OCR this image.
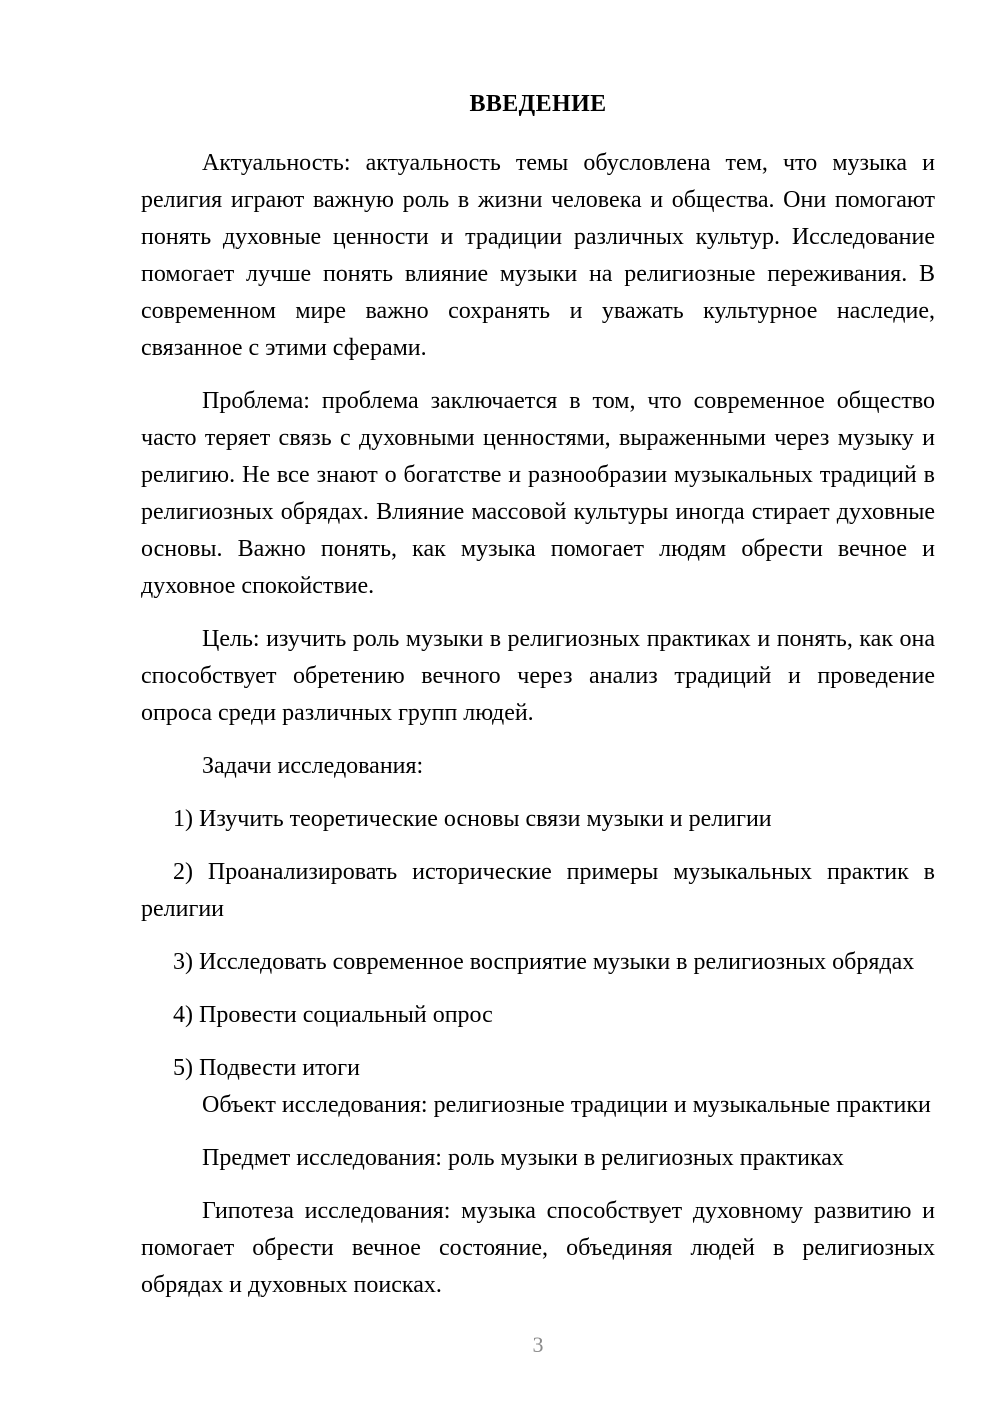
ВВЕДЕНИЕ

Актуальность: актуальность темы обусловлена тем, что музыка и религия играют важную роль в жизни человека и общества. Они помогают понять духовные ценности и традиции различных культур. Исследование помогает лучше понять влияние музыки на религиозные переживания. В современном мире важно сохранять и уважать культурное наследие, связанное с этими сферами.

Проблема: проблема заключается в том, что современное общество часто теряет связь с духовными ценностями, выраженными через музыку и религию. Не все знают о богатстве и разнообразии музыкальных традиций в религиозных обрядах. Влияние массовой культуры иногда стирает духовные основы. Важно понять, как музыка помогает людям обрести вечное и духовное спокойствие.

Цель: изучить роль музыки в религиозных практиках и понять, как она способствует обретению вечного через анализ традиций и проведение опроса среди различных групп людей.

Задачи исследования:

1) Изучить теоретические основы связи музыки и религии

2) Проанализировать исторические примеры музыкальных практик в религии

3) Исследовать современное восприятие музыки в религиозных обрядах

4) Провести социальный опрос

5) Подвести итоги

Объект исследования: религиозные традиции и музыкальные практики

Предмет исследования: роль музыки в религиозных практиках

Гипотеза исследования: музыка способствует духовному развитию и помогает обрести вечное состояние, объединяя людей в религиозных обрядах и духовных поисках.

3
